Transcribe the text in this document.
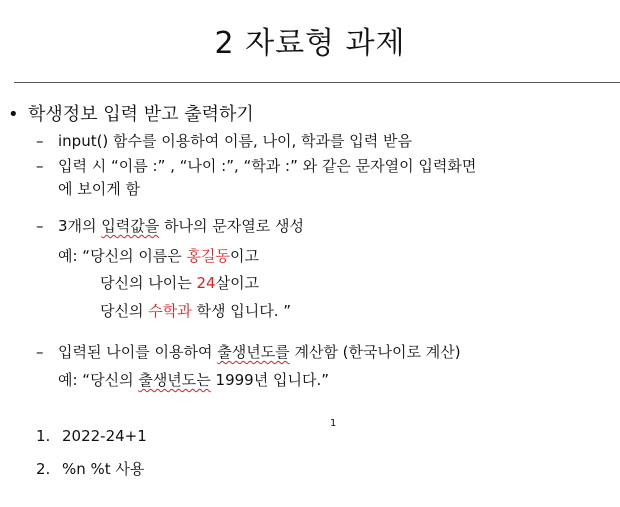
2 자료형 과제
• 학생정보 입력 받고 출력하기
– input() 함수를 이용하여 이름, 나이, 학과를 입력 받음
– 입력 시 “이름 :” , “나이 :”, “학과 :” 와 같은 문자열이 입력화면
에 보이게 함
– 3개의 입력값을 하나의 문자열로 생성
예: “당신의 이름은 홍길동이고
당신의 나이는 24살이고
당신의 수학과 학생 입니다. ”
– 입력된 나이를 이용하여 출생년도를 계산함 (한국나이로 계산)
예: “당신의 출생년도는 1999년 입니다.”
1
1. 2022-24+1
2. %n %t 사용
